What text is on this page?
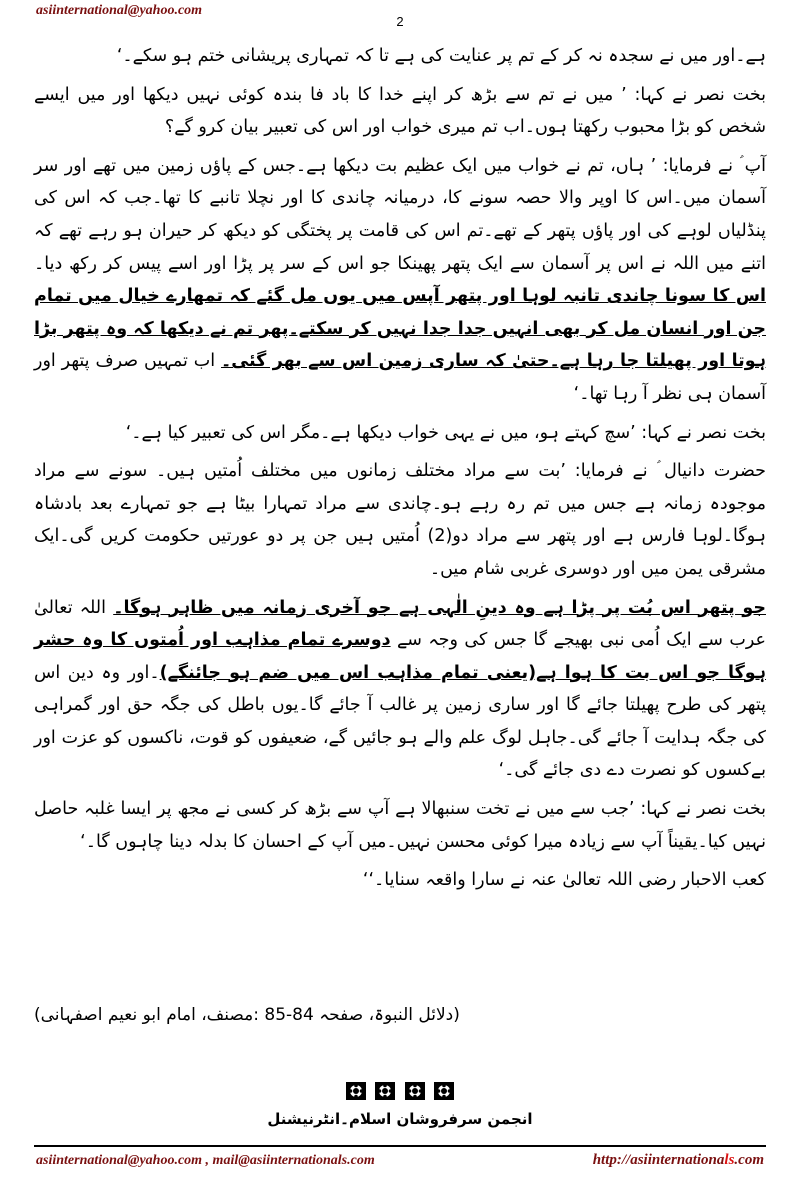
asiinternational@yahoo.com
2

ہے۔اور میں نے سجدہ نہ کر کے تم پر عنایت کی ہے تا کہ تمہاری پریشانی ختم ہو سکے۔‘

بخت نصر نے کہا: ’ میں نے تم سے بڑھ کر اپنے خدا کا باد فا بندہ کوئی نہیں دیکھا اور میں ایسے شخص کو بڑا محبوب رکھتا ہوں۔اب تم میری خواب اور اس کی تعبیر بیان کرو گے؟

آپ ؑ نے فرمایا: ’ ہاں، تم نے خواب میں ایک عظیم بت دیکھا ہے۔جس کے پاؤں زمین میں تھے اور سر آسمان میں۔اس کا اوپر والا حصہ سونے کا، درمیانہ چاندی کا اور نچلا تانبے کا تھا۔جب کہ اس کی پنڈلیاں لوہے کی اور پاؤں پتھر کے تھے۔تم اس کی قامت پر پختگی کو دیکھ کر حیران ہو رہے تھے کہ اتنے میں اللہ نے اس پر آسمان سے ایک پتھر پھینکا جو اس کے سر پر پڑا اور اسے پیس کر رکھ دیا۔اس کا سونا چاندی تانبہ لوہا اور پتھر آپس میں یوں مل گئے کہ تمھارے خیال میں تمام جن اور انسان مل کر بھی انہیں جدا جدا نہیں کر سکتے۔پھر تم نے دیکھا کہ وہ پتھر بڑا ہوتا اور پھیلتا جا رہا ہے۔حتیٰ کہ ساری زمین اس سے بھر گئی۔ اب تمہیں صرف پتھر اور آسمان ہی نظر آ رہا تھا۔‘

بخت نصر نے کہا: ’سچ کہتے ہو، میں نے یہی خواب دیکھا ہے۔مگر اس کی تعبیر کیا ہے۔‘

حضرت دانیال ؑ نے فرمایا: ’بت سے مراد مختلف زمانوں میں مختلف اُمتیں ہیں۔ سونے سے مراد موجودہ زمانہ ہے جس میں تم رہ رہے ہو۔چاندی سے مراد تمہارا بیٹا ہے جو تمہارے بعد بادشاہ ہوگا۔لوہا فارس ہے اور پتھر سے مراد دو(2) اُمتیں ہیں جن پر دو عورتیں حکومت کریں گی۔ایک مشرقی یمن میں اور دوسری غربی شام میں۔

جو پتھر اس بُت پر پڑا ہے وہ دینِ الٰہی ہے جو آخری زمانہ میں ظاہر ہوگا۔ اللہ تعالیٰ عرب سے ایک اُمی نبی بھیجے گا جس کی وجہ سے دوسرے تمام مذاہب اور اُمتوں کا وہ حشر ہوگا جو اس بت کا ہوا ہے(یعنی تمام مذاہب اس میں ضم ہو جائنگے)۔اور وہ دین اس پتھر کی طرح پھیلتا جائے گا اور ساری زمین پر غالب آ جائے گا۔یوں باطل کی جگہ حق اور گمراہی کی جگہ ہدایت آ جائے گی۔جاہل لوگ علم والے ہو جائیں گے، ضعیفوں کو قوت، ناکسوں کو عزت اور بےکسوں کو نصرت دے دی جائے گی۔‘

بخت نصر نے کہا: ’جب سے میں نے تخت سنبھالا ہے آپ سے بڑھ کر کسی نے مجھ پر ایسا غلبہ حاصل نہیں کیا۔یقیناً آپ سے زیادہ میرا کوئی محسن نہیں۔میں آپ کے احسان کا بدلہ دینا چاہوں گا۔‘

کعب الاحبار رضی اللہ تعالیٰ عنہ نے سارا واقعہ سنایا۔‘‘

(دلائل النبوۃ، صفحہ 84-85 :مصنف، امام ابو نعیم اصفہانی)

انجمن سرفروشان اسلام۔انٹرنیشنل
asiinternational@yahoo.com , mail@asiinternationals.com	http://asiinternationals.com
